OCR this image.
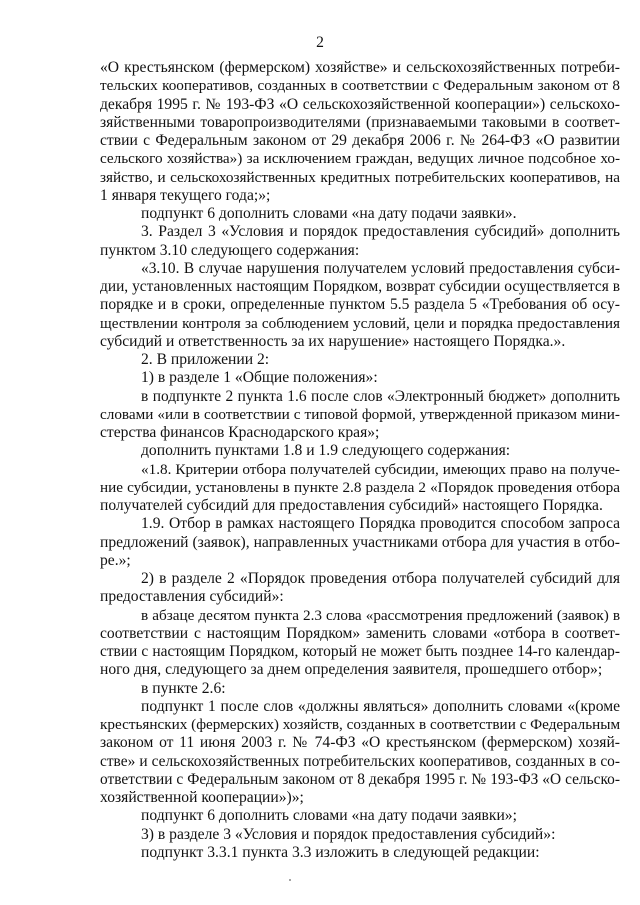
2
«О крестьянском (фермерском) хозяйстве» и сельскохозяйственных потреби-
тельских кооперативов, созданных в соответствии с Федеральным законом от 8
декабря 1995 г. № 193-ФЗ «О сельскохозяйственной кооперации») сельскохо-
зяйственными товаропроизводителями (признаваемыми таковыми в соответ-
ствии с Федеральным законом от 29 декабря 2006 г. № 264-ФЗ «О развитии
сельского хозяйства») за исключением граждан, ведущих личное подсобное хо-
зяйство, и сельскохозяйственных кредитных потребительских кооперативов, на
1 января текущего года;»;
подпункт 6 дополнить словами «на дату подачи заявки».
3. Раздел 3 «Условия и порядок предоставления субсидий» дополнить
пунктом 3.10 следующего содержания:
«3.10. В случае нарушения получателем условий предоставления субси-
дии, установленных настоящим Порядком, возврат субсидии осуществляется в
порядке и в сроки, определенные пунктом 5.5 раздела 5 «Требования об осу-
ществлении контроля за соблюдением условий, цели и порядка предоставления
субсидий и ответственность за их нарушение» настоящего Порядка.».
2. В приложении 2:
1) в разделе 1 «Общие положения»:
в подпункте 2 пункта 1.6 после слов «Электронный бюджет» дополнить
словами «или в соответствии с типовой формой, утвержденной приказом мини-
стерства финансов Краснодарского края»;
дополнить пунктами 1.8 и 1.9 следующего содержания:
«1.8. Критерии отбора получателей субсидии, имеющих право на получе-
ние субсидии, установлены в пункте 2.8 раздела 2 «Порядок проведения отбора
получателей субсидий для предоставления субсидий» настоящего Порядка.
1.9. Отбор в рамках настоящего Порядка проводится способом запроса
предложений (заявок), направленных участниками отбора для участия в отбо-
ре.»;
2) в разделе 2 «Порядок проведения отбора получателей субсидий для
предоставления субсидий»:
в абзаце десятом пункта 2.3 слова «рассмотрения предложений (заявок) в
соответствии с настоящим Порядком» заменить словами «отбора в соответ-
ствии с настоящим Порядком, который не может быть позднее 14-го календар-
ного дня, следующего за днем определения заявителя, прошедшего отбор»;
в пункте 2.6:
подпункт 1 после слов «должны являться» дополнить словами «(кроме
крестьянских (фермерских) хозяйств, созданных в соответствии с Федеральным
законом от 11 июня 2003 г. № 74-ФЗ «О крестьянском (фермерском) хозяй-
стве» и сельскохозяйственных потребительских кооперативов, созданных в со-
ответствии с Федеральным законом от 8 декабря 1995 г. № 193-ФЗ «О сельско-
хозяйственной кооперации»)»;
подпункт 6 дополнить словами «на дату подачи заявки»;
3) в разделе 3 «Условия и порядок предоставления субсидий»:
подпункт 3.3.1 пункта 3.3 изложить в следующей редакции:
